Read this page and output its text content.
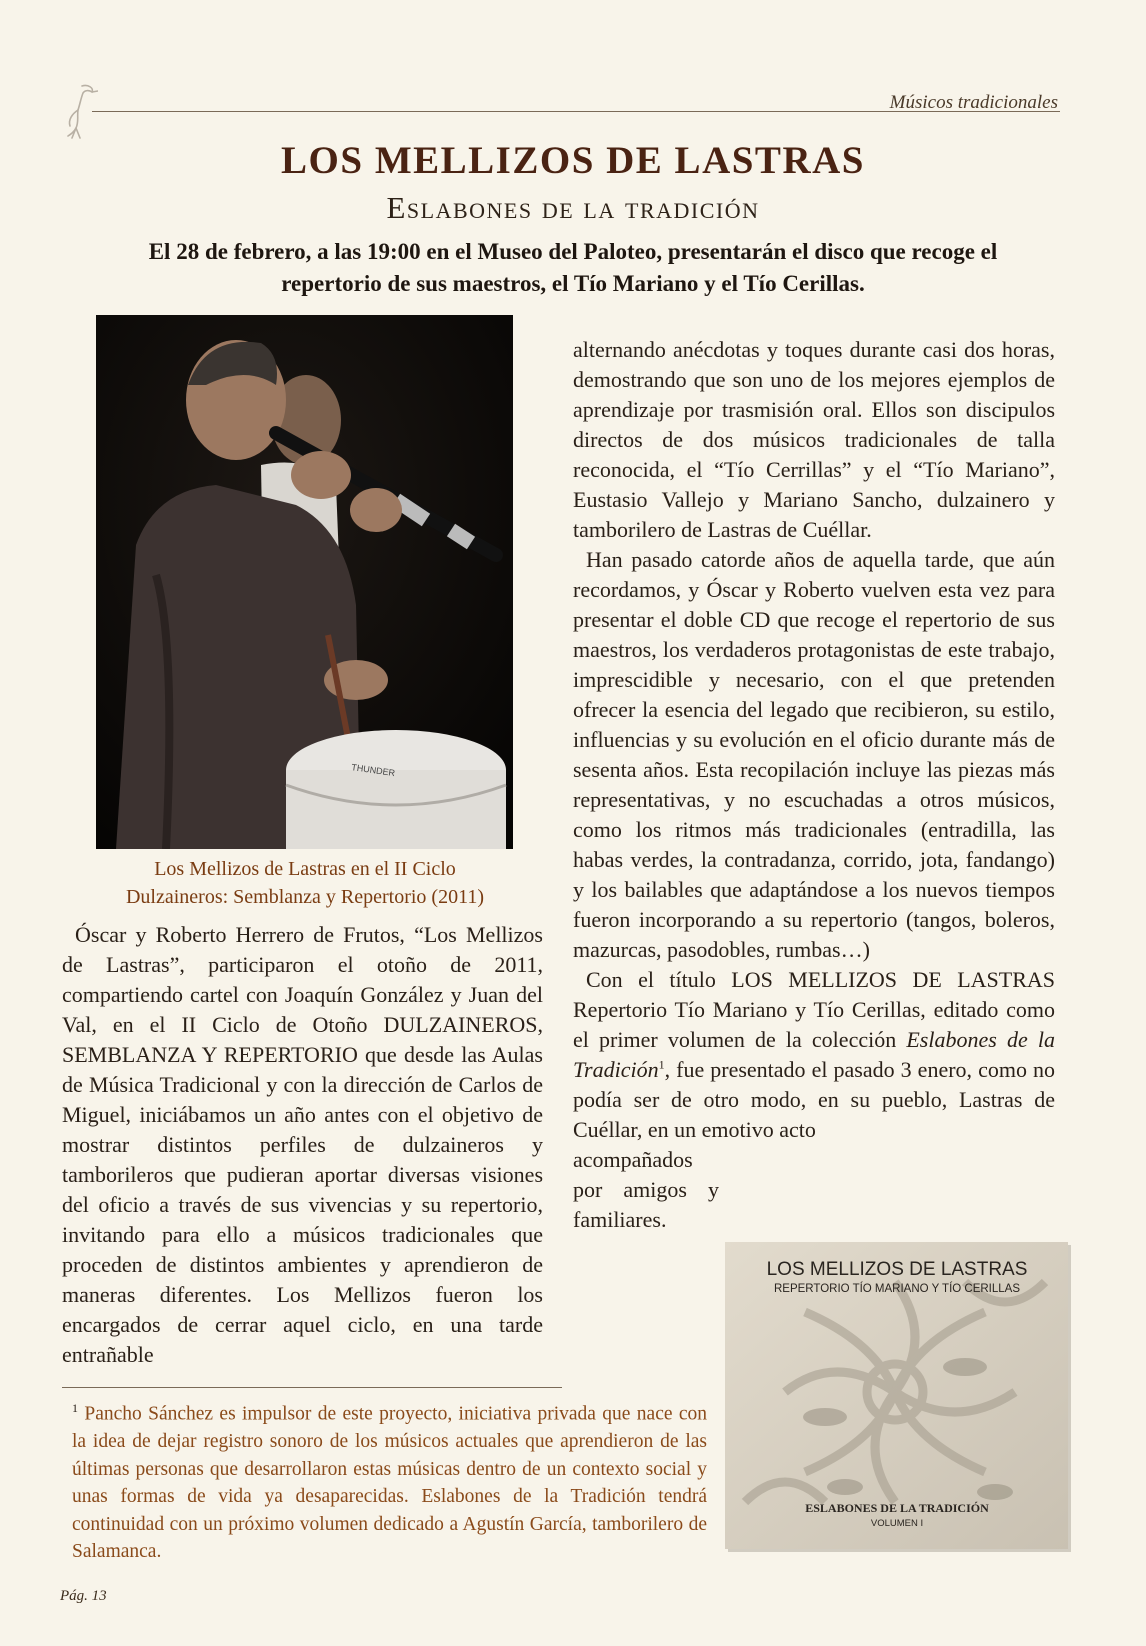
Músicos tradicionales
LOS MELLIZOS DE LASTRAS
Eslabones de la tradición
El 28 de febrero, a las 19:00 en el Museo del Paloteo, presentarán el disco que recoge el repertorio de sus maestros, el Tío Mariano y el Tío Cerillas.
THUNDER
Los Mellizos de Lastras en el II Ciclo
Dulzaineros: Semblanza y Repertorio (2011)

Óscar y Roberto Herrero de Frutos, “Los Mellizos de Lastras”, participaron el otoño de 2011, compartiendo cartel con Joaquín González y Juan del Val, en el II Ciclo de Otoño DULZAINEROS, SEMBLANZA Y REPERTORIO que desde las Aulas de Música Tradicional y con la dirección de Carlos de Miguel, iniciábamos un año antes con el objetivo de mostrar distintos perfiles de dulzaineros y tamborileros que pudieran aportar diversas visiones del oficio a través de sus vivencias y su repertorio, invitando para ello a músicos tradicionales que proceden de distintos ambientes y aprendieron de maneras diferentes. Los Mellizos fueron los encargados de cerrar aquel ciclo, en una tarde entrañable

alternando anécdotas y toques durante casi dos horas, demostrando que son uno de los mejores ejemplos de aprendizaje por trasmisión oral. Ellos son discipulos directos de dos músicos tradicionales de talla reconocida, el “Tío Cerrillas” y el “Tío Mariano”, Eustasio Vallejo y Mariano Sancho, dulzainero y tamborilero de Lastras de Cuéllar.

Han pasado catorde años de aquella tarde, que aún recordamos, y Óscar y Roberto vuelven esta vez para presentar el doble CD que recoge el repertorio de sus maestros, los verdaderos protagonistas de este trabajo, imprescidible y necesario, con el que pretenden ofrecer la esencia del legado que recibieron, su estilo, influencias y su evolución en el oficio durante más de sesenta años. Esta recopilación incluye las piezas más representativas, y no escuchadas a otros músicos, como los ritmos más tradicionales (entradilla, las habas verdes, la contradanza, corrido, jota, fandango) y los bailables que adaptándose a los nuevos tiempos fueron incorporando a su repertorio (tangos, boleros, mazurcas, pasodobles, rumbas…)

Con el título LOS MELLIZOS DE LASTRAS Repertorio Tío Mariano y Tío Cerillas, editado como el primer volumen de la colección Eslabones de la Tradición$^1$, fue presentado el pasado 3 enero, como no podía ser de otro modo, en su pueblo, Lastras de Cuéllar, en un emotivo acto

acompañados por amigos y familiares.
LOS MELLIZOS DE LASTRAS
REPERTORIO TÍO MARIANO Y TÍO CERILLAS
ESLABONES DE LA TRADICIÓN
VOLUMEN I
$^1$ Pancho Sánchez es impulsor de este proyecto, iniciativa privada que nace con la idea de dejar registro sonoro de los músicos actuales que aprendieron de las últimas personas que desarrollaron estas músicas dentro de un contexto social y unas formas de vida ya desaparecidas. Eslabones de la Tradición tendrá continuidad con un próximo volumen dedicado a Agustín García, tamborilero de Salamanca.
Pág. 13
